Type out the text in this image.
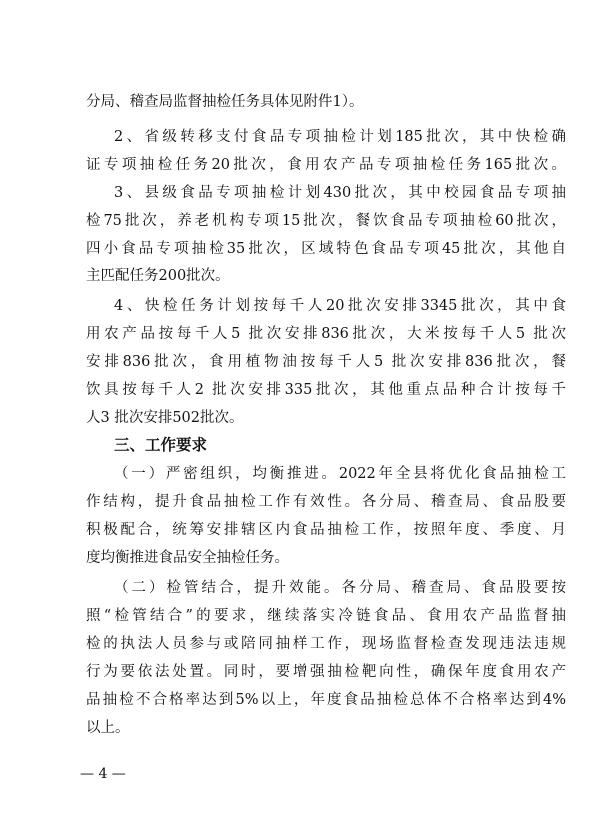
分局、稽查局监督抽检任务具体见附件1）。
2、省级转移支付食品专项抽检计划185批次，其中快检确
证专项抽检任务20批次，食用农产品专项抽检任务165批次。
3、县级食品专项抽检计划430批次，其中校园食品专项抽
检75批次，养老机构专项15批次，餐饮食品专项抽检60批次，
四小食品专项抽检35批次，区域特色食品专项45批次，其他自
主匹配任务200批次。
4、快检任务计划按每千人20批次安排3345批次，其中食
用农产品按每千人5 批次安排836批次，大米按每千人5 批次
安排836批次，食用植物油按每千人5 批次安排836批次，餐
饮具按每千人2 批次安排335批次，其他重点品种合计按每千
人3 批次安排502批次。
三、工作要求
（一）严密组织，均衡推进。2022年全县将优化食品抽检工
作结构，提升食品抽检工作有效性。各分局、稽查局、食品股要
积极配合，统筹安排辖区内食品抽检工作，按照年度、季度、月
度均衡推进食品安全抽检任务。
（二）检管结合，提升效能。各分局、稽查局、食品股要按
照“检管结合”的要求，继续落实冷链食品、食用农产品监督抽
检的执法人员参与或陪同抽样工作，现场监督检查发现违法违规
行为要依法处置。同时，要增强抽检靶向性，确保年度食用农产
品抽检不合格率达到5%以上，年度食品抽检总体不合格率达到4%
以上。
— 4 —
